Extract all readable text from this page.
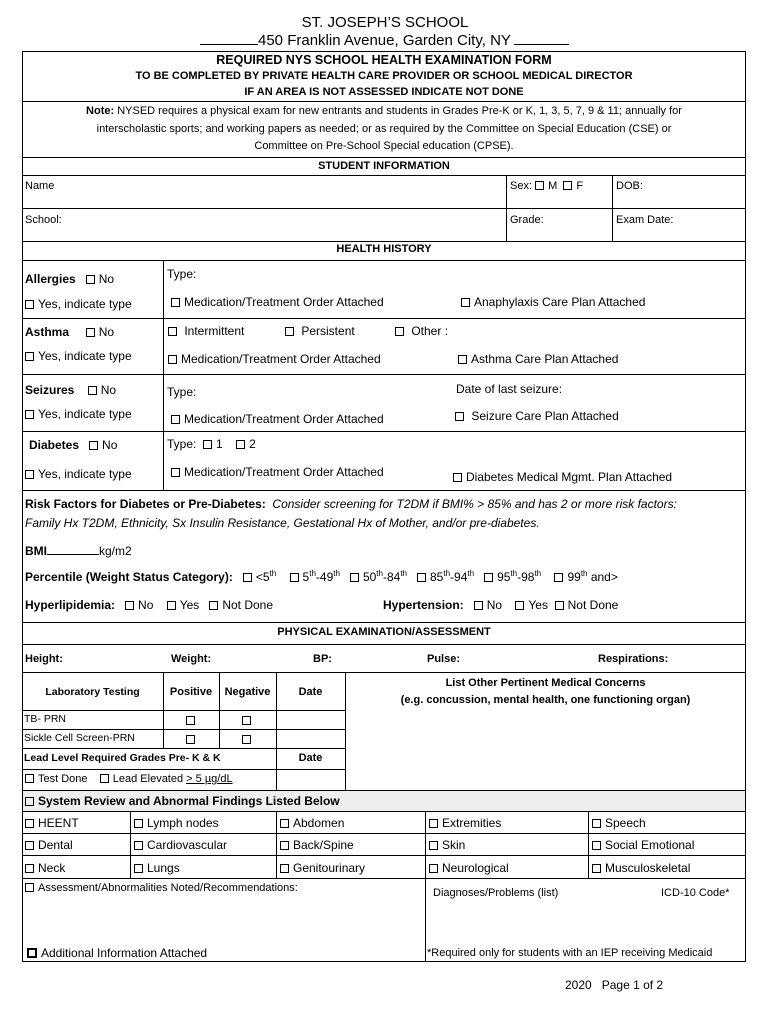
ST. JOSEPH’S SCHOOL
450 Franklin Avenue, Garden City, NY
REQUIRED NYS SCHOOL HEALTH EXAMINATION FORM
TO BE COMPLETED BY PRIVATE HEALTH CARE PROVIDER OR SCHOOL MEDICAL DIRECTOR
IF AN AREA IS NOT ASSESSED INDICATE NOT DONE
Note: NYSED requires a physical exam for new entrants and students in Grades Pre-K or K, 1, 3, 5, 7, 9 & 11; annually for
interscholastic sports; and working papers as needed; or as required by the Committee on Special Education (CSE) or
Committee on Pre-School Special education (CPSE).
STUDENT INFORMATION
Name	Sex: M F	DOB:
School:	Grade:	Exam Date:
HEALTH HISTORY
Allergies No	Type:
Yes, indicate type	Medication/Treatment Order Attached	Anaphylaxis Care Plan Attached
Asthma No	Intermittent	Persistent	Other :
Yes, indicate type	Medication/Treatment Order Attached	Asthma Care Plan Attached
Seizures No	Type:	Date of last seizure:
Yes, indicate type	Medication/Treatment Order Attached	Seizure Care Plan Attached
Diabetes No	Type: 1 2
Yes, indicate type	Medication/Treatment Order Attached	Diabetes Medical Mgmt. Plan Attached
Risk Factors for Diabetes or Pre-Diabetes: Consider screening for T2DM if BMI% > 85% and has 2 or more risk factors:
Family Hx T2DM, Ethnicity, Sx Insulin Resistance, Gestational Hx of Mother, and/or pre-diabetes.
BMI	kg/m2
Percentile (Weight Status Category): <5th 5th-49th 50th-84th 85th-94th 95th-98th 99th and>
Hyperlipidemia: No Yes Not Done	Hypertension: No Yes Not Done
PHYSICAL EXAMINATION/ASSESSMENT
Height:	Weight:	BP:	Pulse:	Respirations:
Laboratory Testing	Positive	Negative	Date
List Other Pertinent Medical Concerns
(e.g. concussion, mental health, one functioning organ)
TB- PRN
Sickle Cell Screen-PRN
Lead Level Required Grades Pre- K & K	Date
Test Done Lead Elevated > 5 µg/dL
System Review and Abnormal Findings Listed Below
HEENT	Lymph nodes	Abdomen	Extremities	Speech
Dental	Cardiovascular	Back/Spine	Skin	Social Emotional
Neck	Lungs	Genitourinary	Neurological	Musculoskeletal
Assessment/Abnormalities Noted/Recommendations:	Diagnoses/Problems (list)	ICD-10 Code*
Additional Information Attached	*Required only for students with an IEP receiving Medicaid
2020 Page 1 of 2
